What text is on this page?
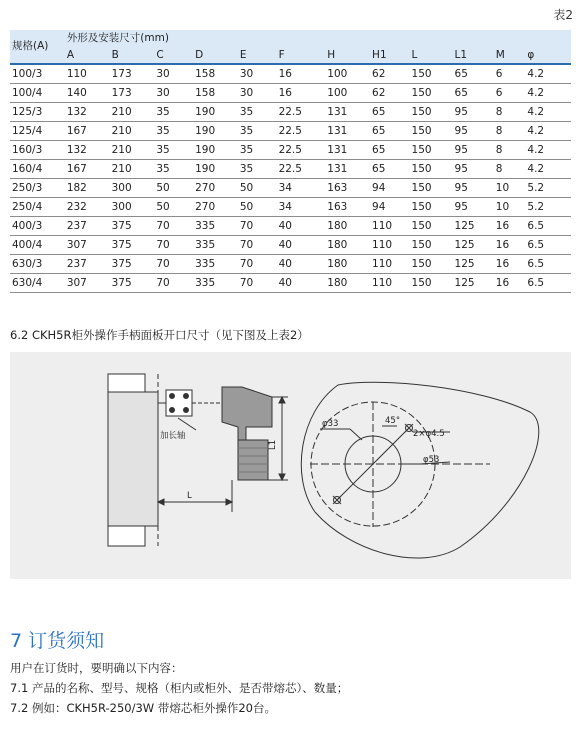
表2
规格(A)	外形及安装尺寸(mm)											
	A	B	C	D	E	F	H	H1	L	L1	M	φ
100/3	110	173	30	158	30	16	100	62	150	65	6	4.2
100/4	140	173	30	158	30	16	100	62	150	65	6	4.2
125/3	132	210	35	190	35	22.5	131	65	150	95	8	4.2
125/4	167	210	35	190	35	22.5	131	65	150	95	8	4.2
160/3	132	210	35	190	35	22.5	131	65	150	95	8	4.2
160/4	167	210	35	190	35	22.5	131	65	150	95	8	4.2
250/3	182	300	50	270	50	34	163	94	150	95	10	5.2
250/4	232	300	50	270	50	34	163	94	150	95	10	5.2
400/3	237	375	70	335	70	40	180	110	150	125	16	6.5
400/4	307	375	70	335	70	40	180	110	150	125	16	6.5
630/3	237	375	70	335	70	40	180	110	150	125	16	6.5
630/4	307	375	70	335	70	40	180	110	150	125	16	6.5

6.2 CKH5R柜外操作手柄面板开口尺寸（见下图及上表2）

加长轴
L
L1
φ33	45°
2×φ4.5
φ53
7 订货须知

用户在订货时，要明确以下内容：

7.1 产品的名称、型号、规格（柜内或柜外、是否带熔芯）、数量；

7.2 例如：CKH5R-250/3W 带熔芯柜外操作20台。
